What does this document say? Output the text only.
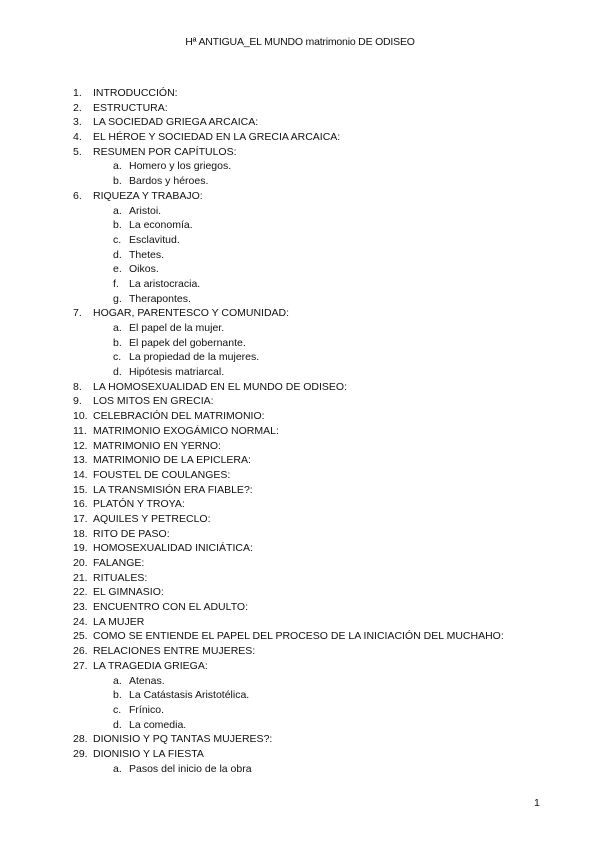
Hª ANTIGUA_EL MUNDO matrimonio DE ODISEO
1. INTRODUCCIÓN:
2. ESTRUCTURA:
3. LA SOCIEDAD GRIEGA ARCAICA:
4. EL HÉROE Y SOCIEDAD EN LA GRECIA ARCAICA:
5. RESUMEN POR CAPÍTULOS:
a. Homero y los griegos.
b. Bardos y héroes.
6. RIQUEZA Y TRABAJO:
a. Aristoi.
b. La economía.
c. Esclavitud.
d. Thetes.
e. Oikos.
f. La aristocracia.
g. Therapontes.
7. HOGAR, PARENTESCO Y COMUNIDAD:
a. El papel de la mujer.
b. El papek del gobernante.
c. La propiedad de la mujeres.
d. Hipótesis matriarcal.
8. LA HOMOSEXUALIDAD EN EL MUNDO DE ODISEO:
9. LOS MITOS EN GRECIA:
10. CELEBRACIÓN DEL MATRIMONIO:
11. MATRIMONIO EXOGÁMICO NORMAL:
12. MATRIMONIO EN YERNO:
13. MATRIMONIO DE LA EPICLERA:
14. FOUSTEL DE COULANGES:
15. LA TRANSMISIÓN ERA FIABLE?:
16. PLATÓN Y TROYA:
17. AQUILES Y PETRECLO:
18. RITO DE PASO:
19. HOMOSEXUALIDAD INICIÁTICA:
20. FALANGE:
21. RITUALES:
22. EL GIMNASIO:
23. ENCUENTRO CON EL ADULTO:
24. LA MUJER
25. COMO SE ENTIENDE EL PAPEL DEL PROCESO DE LA INICIACIÓN DEL MUCHAHO:
26. RELACIONES ENTRE MUJERES:
27. LA TRAGEDIA GRIEGA:
a. Atenas.
b. La Catástasis Aristotélica.
c. Frínico.
d. La comedia.
28. DIONISIO Y PQ TANTAS MUJERES?:
29. DIONISIO Y LA FIESTA
a. Pasos del inicio de la obra
1
